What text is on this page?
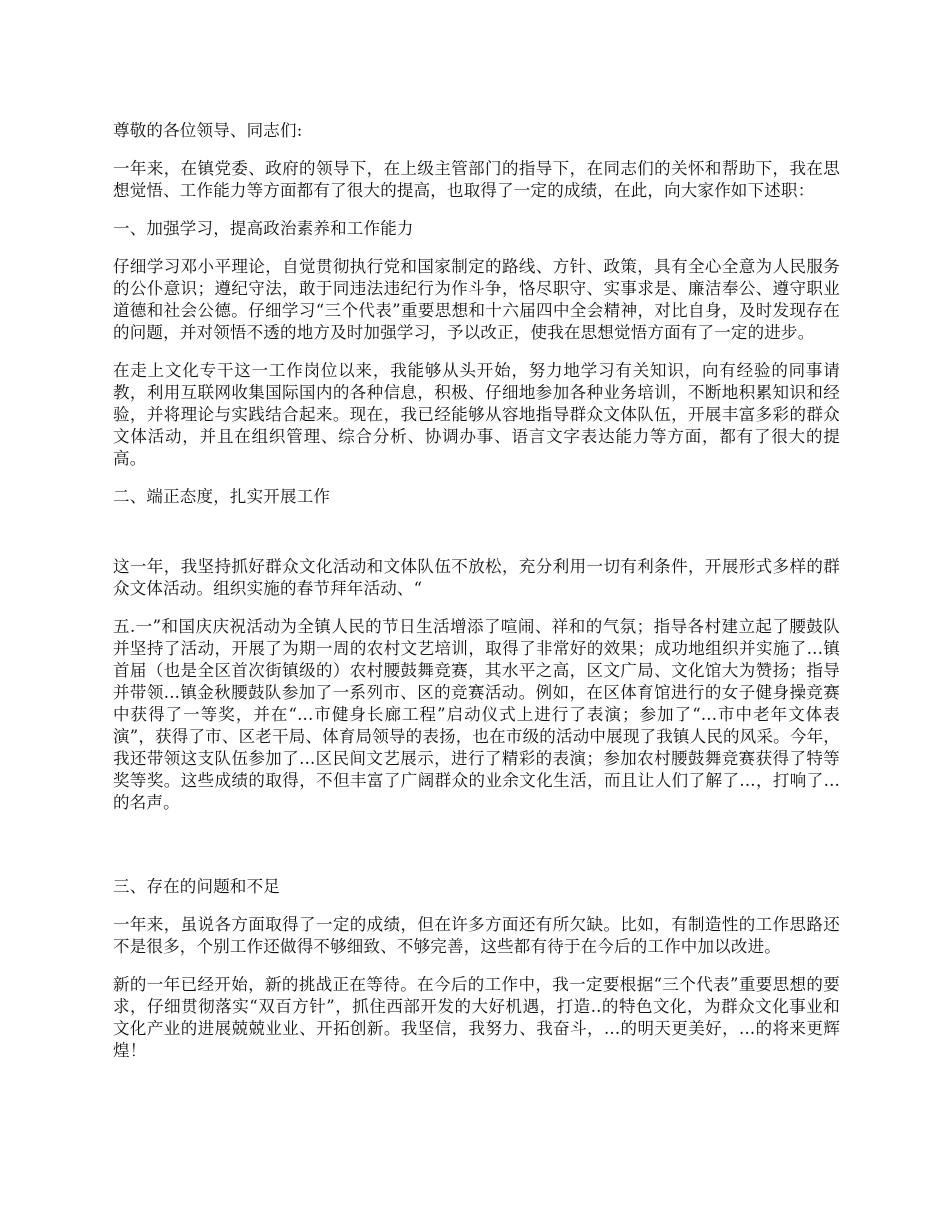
尊敬的各位领导、同志们:

一年来，在镇党委、政府的领导下，在上级主管部门的指导下，在同志们的关怀和帮助下，我在思想觉悟、工作能力等方面都有了很大的提高，也取得了一定的成绩，在此，向大家作如下述职：

一、加强学习，提高政治素养和工作能力

仔细学习邓小平理论，自觉贯彻执行党和国家制定的路线、方针、政策，具有全心全意为人民服务的公仆意识；遵纪守法，敢于同违法违纪行为作斗争，恪尽职守、实事求是、廉洁奉公、遵守职业道德和社会公德。仔细学习“三个代表”重要思想和十六届四中全会精神，对比自身，及时发现存在的问题，并对领悟不透的地方及时加强学习，予以改正，使我在思想觉悟方面有了一定的进步。

在走上文化专干这一工作岗位以来，我能够从头开始，努力地学习有关知识，向有经验的同事请教，利用互联网收集国际国内的各种信息，积极、仔细地参加各种业务培训，不断地积累知识和经验，并将理论与实践结合起来。现在，我已经能够从容地指导群众文体队伍，开展丰富多彩的群众文体活动，并且在组织管理、综合分析、协调办事、语言文字表达能力等方面，都有了很大的提高。

二、端正态度，扎实开展工作

这一年，我坚持抓好群众文化活动和文体队伍不放松，充分利用一切有利条件，开展形式多样的群众文体活动。组织实施的春节拜年活动、“

五.一”和国庆庆祝活动为全镇人民的节日生活增添了喧闹、祥和的气氛；指导各村建立起了腰鼓队并坚持了活动，开展了为期一周的农村文艺培训，取得了非常好的效果；成功地组织并实施了...镇首届（也是全区首次街镇级的）农村腰鼓舞竞赛，其水平之高，区文广局、文化馆大为赞扬；指导并带领...镇金秋腰鼓队参加了一系列市、区的竞赛活动。例如，在区体育馆进行的女子健身操竞赛中获得了一等奖，并在“...市健身长廊工程”启动仪式上进行了表演；参加了“...市中老年文体表演”，获得了市、区老干局、体育局领导的表扬，也在市级的活动中展现了我镇人民的风采。今年，我还带领这支队伍参加了...区民间文艺展示，进行了精彩的表演；参加农村腰鼓舞竞赛获得了特等奖等奖。这些成绩的取得，不但丰富了广阔群众的业余文化生活，而且让人们了解了...，打响了...的名声。

三、存在的问题和不足

一年来，虽说各方面取得了一定的成绩，但在许多方面还有所欠缺。比如，有制造性的工作思路还不是很多，个别工作还做得不够细致、不够完善，这些都有待于在今后的工作中加以改进。

新的一年已经开始，新的挑战正在等待。在今后的工作中，我一定要根据“三个代表”重要思想的要求，仔细贯彻落实“双百方针”，抓住西部开发的大好机遇，打造..的特色文化，为群众文化事业和文化产业的进展兢兢业业、开拓创新。我坚信，我努力、我奋斗，...的明天更美好，...的将来更辉煌！
